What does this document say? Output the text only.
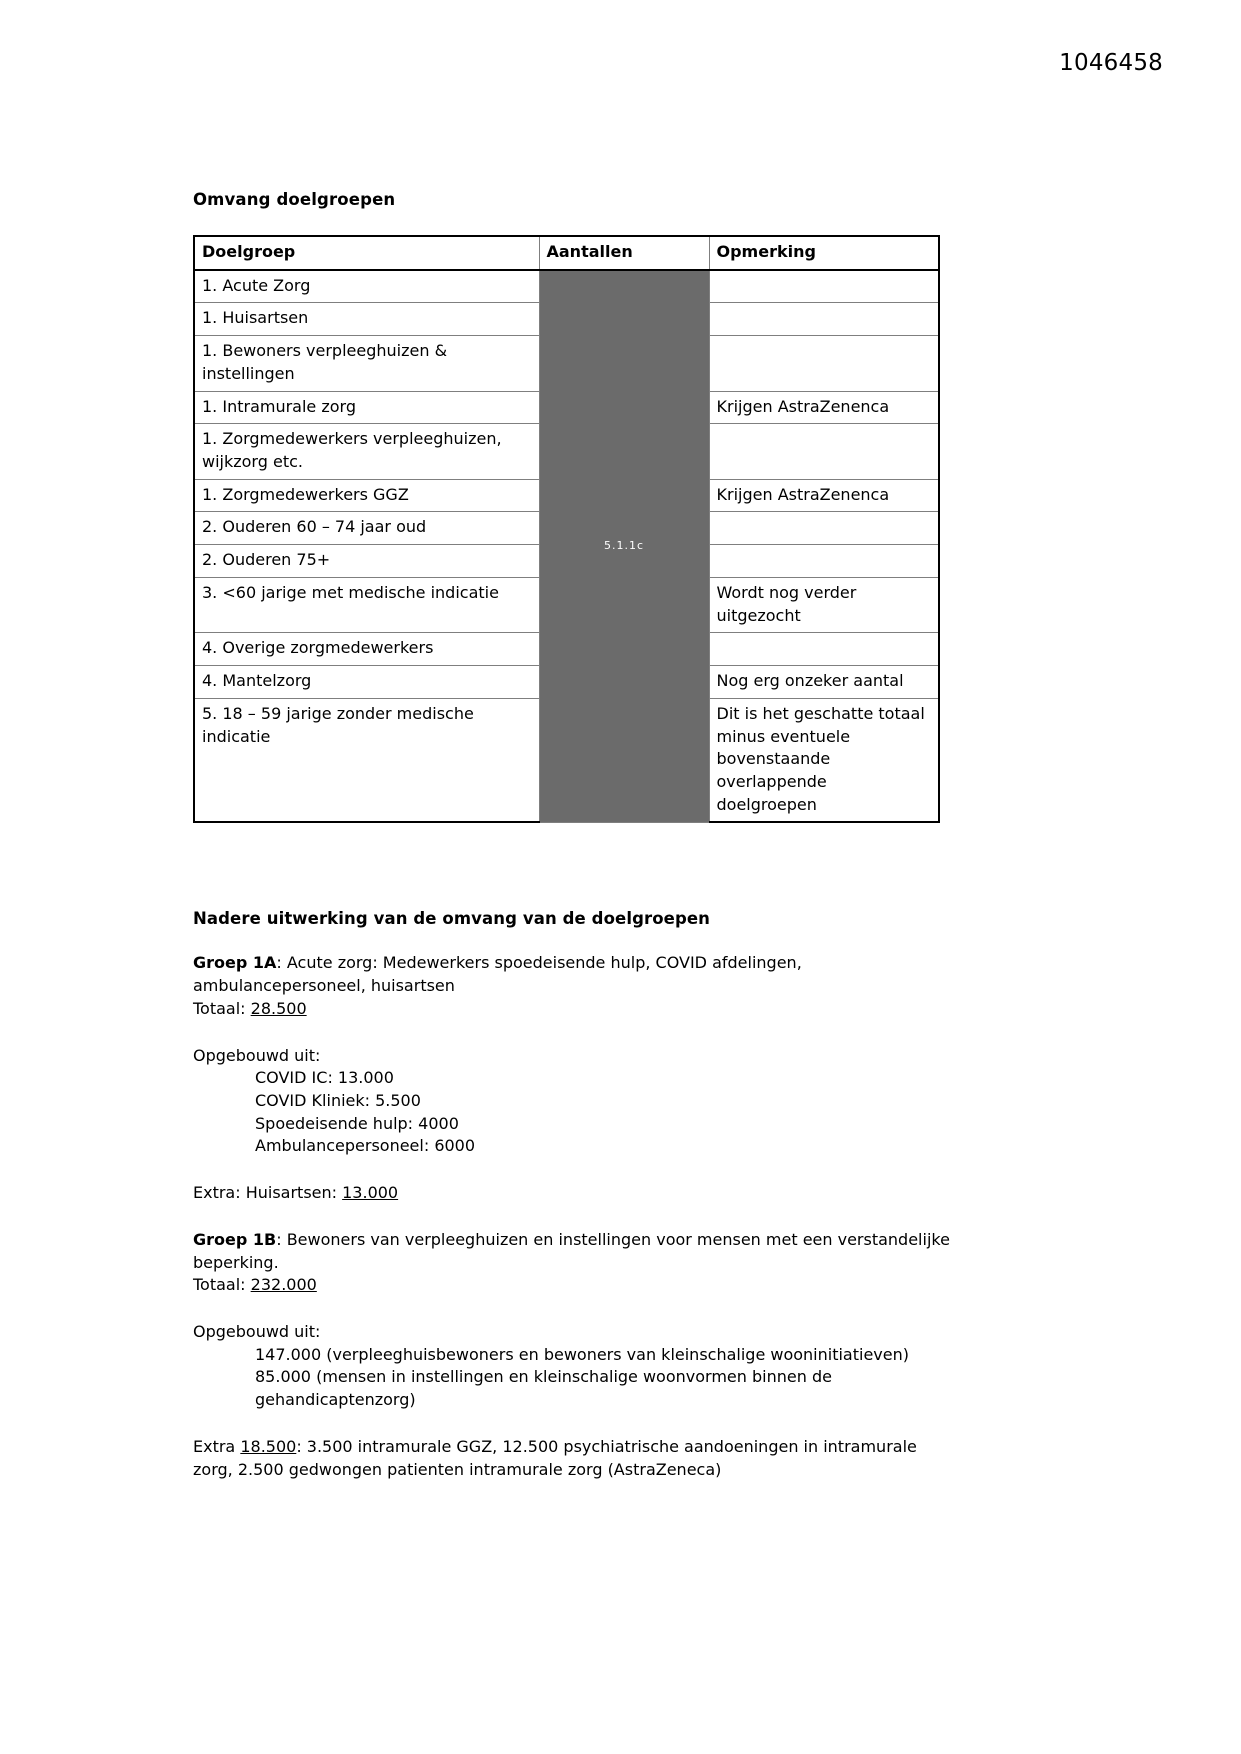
1046458
Omvang doelgroepen
Doelgroep	Aantallen	Opmerking
1. Acute Zorg	5.1.1c	

1. Huisartsen		
1. Bewoners verpleeghuizen & instellingen		
1. Intramurale zorg		Krijgen AstraZenenca
1. Zorgmedewerkers verpleeghuizen, wijkzorg etc.		
1. Zorgmedewerkers GGZ		Krijgen AstraZenenca
2. Ouderen 60 – 74 jaar oud		
2. Ouderen 75+		
3. <60 jarige met medische indicatie		Wordt nog verder uitgezocht
4. Overige zorgmedewerkers		
4. Mantelzorg		Nog erg onzeker aantal
5. 18 – 59 jarige zonder medische indicatie		Dit is het geschatte totaal minus eventuele bovenstaande overlappende doelgroepen
Nadere uitwerking van de omvang van de doelgroepen

Groep 1A: Acute zorg: Medewerkers spoedeisende hulp, COVID afdelingen, ambulancepersoneel, huisartsen
Totaal: 28.500

Opgebouwd uit:

COVID IC: 13.000
COVID Kliniek: 5.500
Spoedeisende hulp: 4000
Ambulancepersoneel: 6000

Extra: Huisartsen: 13.000

Groep 1B: Bewoners van verpleeghuizen en instellingen voor mensen met een verstandelijke beperking.
Totaal: 232.000

Opgebouwd uit:

147.000 (verpleeghuisbewoners en bewoners van kleinschalige wooninitiatieven)
85.000 (mensen in instellingen en kleinschalige woonvormen binnen de gehandicaptenzorg)

Extra 18.500: 3.500 intramurale GGZ, 12.500 psychiatrische aandoeningen in intramurale zorg, 2.500 gedwongen patienten intramurale zorg (AstraZeneca)
